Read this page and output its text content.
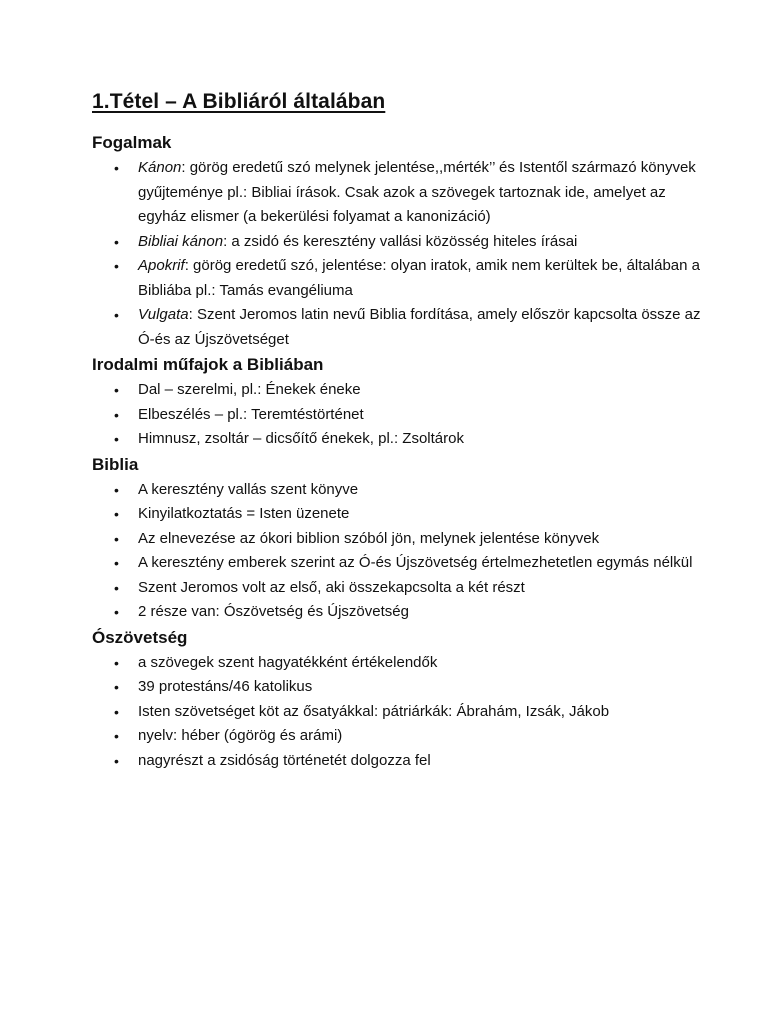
1.Tétel – A Bibliáról általában
Fogalmak
• Kánon: görög eredetű szó melynek jelentése,,mérték’’ és Istentől származó könyvek gyűjteménye pl.: Bibliai írások. Csak azok a szövegek tartoznak ide, amelyet az egyház elismer (a bekerülési folyamat a kanonizáció)
• Bibliai kánon: a zsidó és keresztény vallási közösség hiteles írásai
• Apokrif: görög eredetű szó, jelentése: olyan iratok, amik nem kerültek be, általában a Bibliába pl.: Tamás evangéliuma
• Vulgata: Szent Jeromos latin nevű Biblia fordítása, amely először kapcsolta össze az Ó-és az Újszövetséget
Irodalmi műfajok a Bibliában
• Dal – szerelmi, pl.: Énekek éneke
• Elbeszélés – pl.: Teremtéstörténet
• Himnusz, zsoltár – dicsőítő énekek, pl.: Zsoltárok
Biblia
• A keresztény vallás szent könyve
• Kinyilatkoztatás = Isten üzenete
• Az elnevezése az ókori biblion szóból jön, melynek jelentése könyvek
• A keresztény emberek szerint az Ó-és Újszövetség értelmezhetetlen egymás nélkül
• Szent Jeromos volt az első, aki összekapcsolta a két részt
• 2 része van: Ószövetség és Újszövetség
Ószövetség
• a szövegek szent hagyatékként értékelendők
• 39 protestáns/46 katolikus
• Isten szövetséget köt az ősatyákkal: pátriárkák: Ábrahám, Izsák, Jákob
• nyelv: héber (ógörög és arámi)
• nagyrészt a zsidóság történetét dolgozza fel
